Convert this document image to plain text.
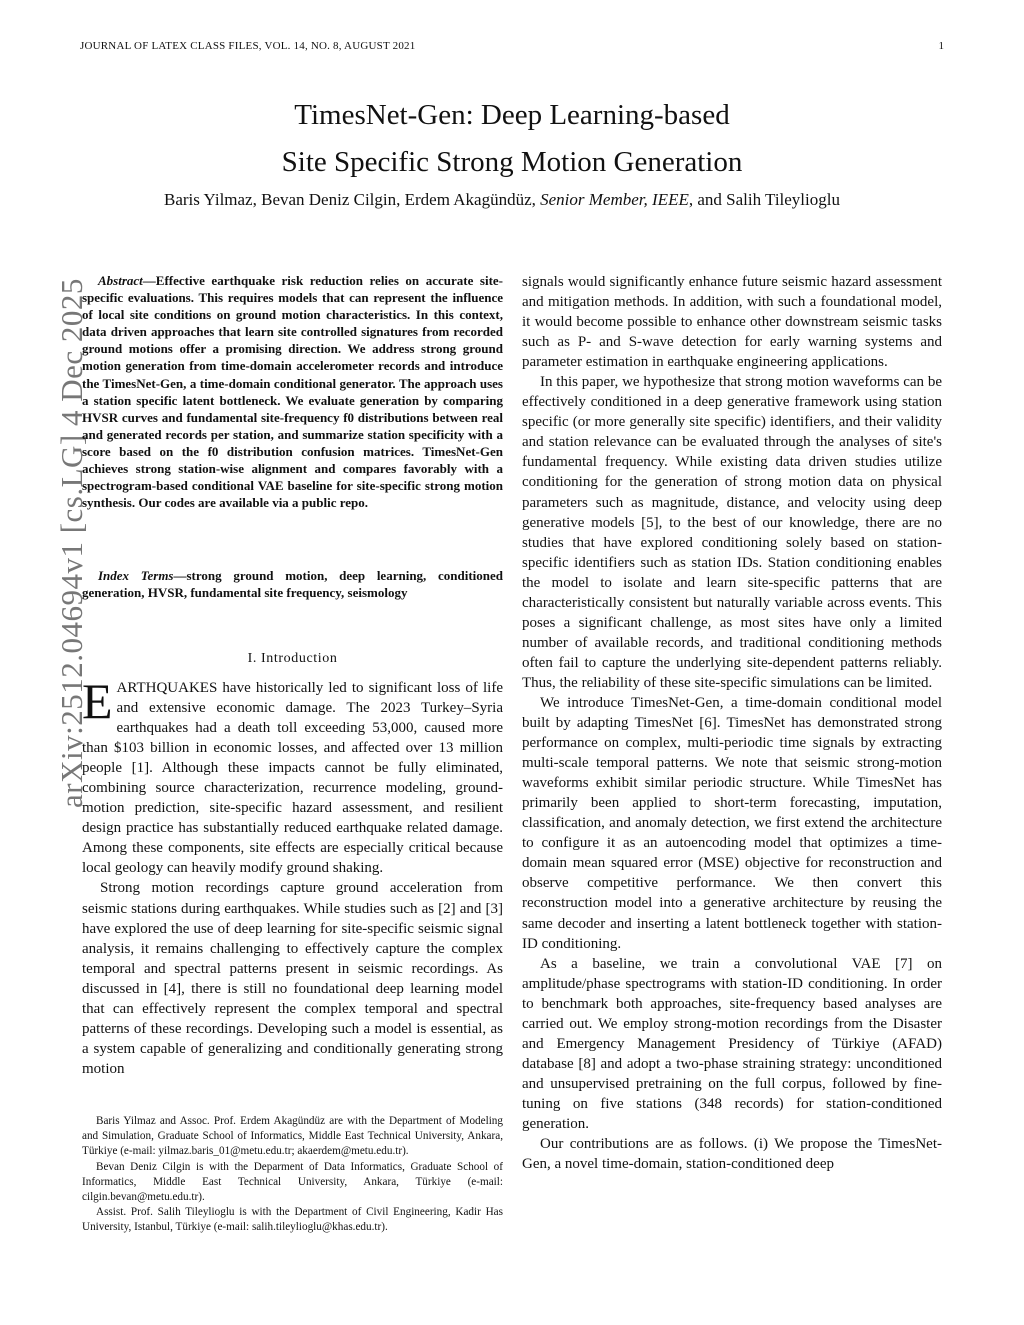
JOURNAL OF LATEX CLASS FILES, VOL. 14, NO. 8, AUGUST 2021	1
arXiv:2512.04694v1 [cs.LG] 4 Dec 2025
TimesNet-Gen: Deep Learning-based
Site Specific Strong Motion Generation
Baris Yilmaz, Bevan Deniz Cilgin, Erdem Akagündüz, Senior Member, IEEE, and Salih Tileylioglu
Abstract—Effective earthquake risk reduction relies on accurate site-specific evaluations. This requires models that can represent the influence of local site conditions on ground motion characteristics. In this context, data driven approaches that learn site controlled signatures from recorded ground motions offer a promising direction. We address strong ground motion generation from time-domain accelerometer records and introduce the TimesNet-Gen, a time-domain conditional generator. The approach uses a station specific latent bottleneck. We evaluate generation by comparing HVSR curves and fundamental site-frequency f0 distributions between real and generated records per station, and summarize station specificity with a score based on the f0 distribution confusion matrices. TimesNet-Gen achieves strong station-wise alignment and compares favorably with a spectrogram-based conditional VAE baseline for site-specific strong motion synthesis. Our codes are available via a public repo.
Index Terms—strong ground motion, deep learning, conditioned generation, HVSR, fundamental site frequency, seismology
I. Introduction

EARTHQUAKES have historically led to significant loss of life and extensive economic damage. The 2023 Turkey–Syria earthquakes had a death toll exceeding 53,000, caused more than $103 billion in economic losses, and affected over 13 million people [1]. Although these impacts cannot be fully eliminated, combining source characterization, recurrence modeling, ground-motion prediction, site-specific hazard assessment, and resilient design practice has substantially reduced earthquake related damage. Among these components, site effects are especially critical because local geology can heavily modify ground shaking.

Strong motion recordings capture ground acceleration from seismic stations during earthquakes. While studies such as [2] and [3] have explored the use of deep learning for site-specific seismic signal analysis, it remains challenging to effectively capture the complex temporal and spectral patterns present in seismic recordings. As discussed in [4], there is still no foundational deep learning model that can effectively represent the complex temporal and spectral patterns of these recordings. Developing such a model is essential, as a system capable of generalizing and conditionally generating strong motion

Baris Yilmaz and Assoc. Prof. Erdem Akagündüz are with the Department of Modeling and Simulation, Graduate School of Informatics, Middle East Technical University, Ankara, Türkiye (e-mail: yilmaz.baris_01@metu.edu.tr; akaerdem@metu.edu.tr).

Bevan Deniz Cilgin is with the Deparment of Data Informatics, Graduate School of Informatics, Middle East Technical University, Ankara, Türkiye (e-mail: cilgin.bevan@metu.edu.tr).

Assist. Prof. Salih Tileylioglu is with the Department of Civil Engineering, Kadir Has University, Istanbul, Türkiye (e-mail: salih.tileylioglu@khas.edu.tr).

signals would significantly enhance future seismic hazard assessment and mitigation methods. In addition, with such a foundational model, it would become possible to enhance other downstream seismic tasks such as P- and S-wave detection for early warning systems and parameter estimation in earthquake engineering applications.

In this paper, we hypothesize that strong motion waveforms can be effectively conditioned in a deep generative framework using station specific (or more generally site specific) identifiers, and their validity and station relevance can be evaluated through the analyses of site's fundamental frequency. While existing data driven studies utilize conditioning for the generation of strong motion data on physical parameters such as magnitude, distance, and velocity using deep generative models [5], to the best of our knowledge, there are no studies that have explored conditioning solely based on station-specific identifiers such as station IDs. Station conditioning enables the model to isolate and learn site-specific patterns that are characteristically consistent but naturally variable across events. This poses a significant challenge, as most sites have only a limited number of available records, and traditional conditioning methods often fail to capture the underlying site-dependent patterns reliably. Thus, the reliability of these site-specific simulations can be limited.

We introduce TimesNet-Gen, a time-domain conditional model built by adapting TimesNet [6]. TimesNet has demonstrated strong performance on complex, multi-periodic time signals by extracting multi-scale temporal patterns. We note that seismic strong-motion waveforms exhibit similar periodic structure. While TimesNet has primarily been applied to short-term forecasting, imputation, classification, and anomaly detection, we first extend the architecture to configure it as an autoencoding model that optimizes a time-domain mean squared error (MSE) objective for reconstruction and observe competitive performance. We then convert this reconstruction model into a generative architecture by reusing the same decoder and inserting a latent bottleneck together with station-ID conditioning.

As a baseline, we train a convolutional VAE [7] on amplitude/phase spectrograms with station-ID conditioning. In order to benchmark both approaches, site-frequency based analyses are carried out. We employ strong-motion recordings from the Disaster and Emergency Management Presidency of Türkiye (AFAD) database [8] and adopt a two-phase straining strategy: unconditioned and unsupervised pretraining on the full corpus, followed by fine-tuning on five stations (348 records) for station-conditioned generation.

Our contributions are as follows. (i) We propose the TimesNet-Gen, a novel time-domain, station-conditioned deep
